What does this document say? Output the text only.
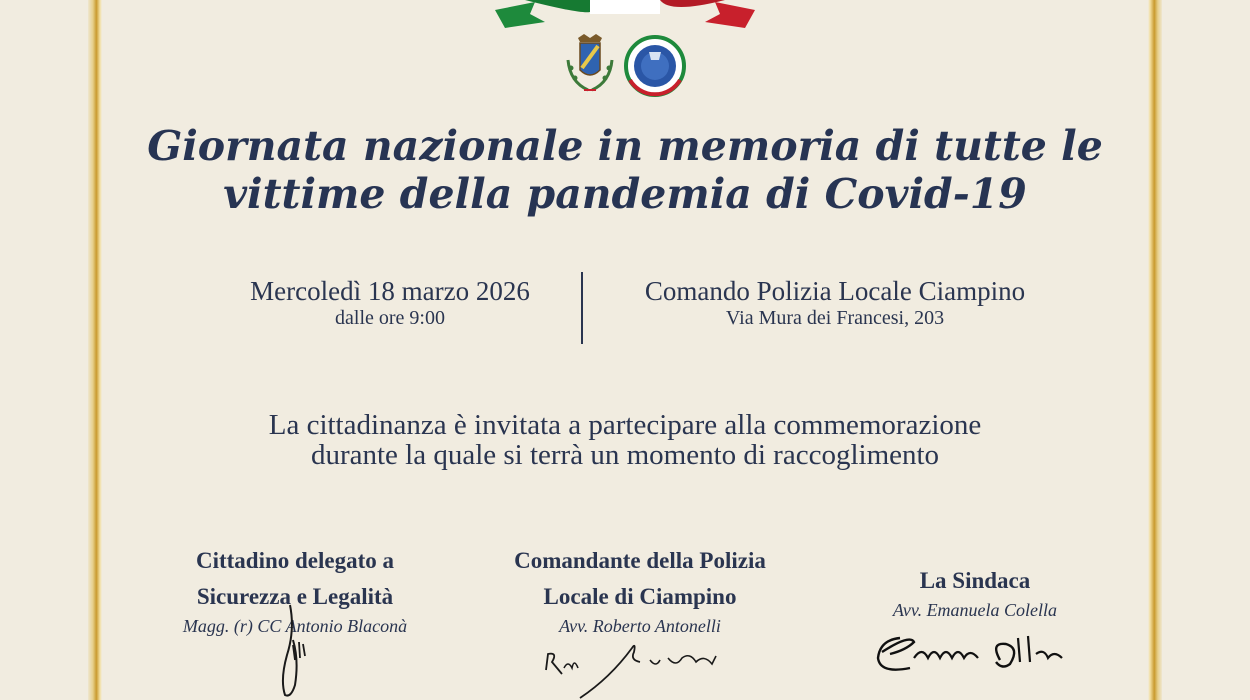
Giornata nazionale in memoria di tutte le
vittime della pandemia di Covid-19
Mercoledì 18 marzo 2026
dalle ore 9:00
Comando Polizia Locale Ciampino
Via Mura dei Francesi, 203
La cittadinanza è invitata a partecipare alla commemorazione
durante la quale si terrà un momento di raccoglimento
Cittadino delegato a
Sicurezza e Legalità
Magg. (r) CC Antonio Blaconà
Comandante della Polizia
Locale di Ciampino
Avv. Roberto Antonelli
La Sindaca
Avv. Emanuela Colella
